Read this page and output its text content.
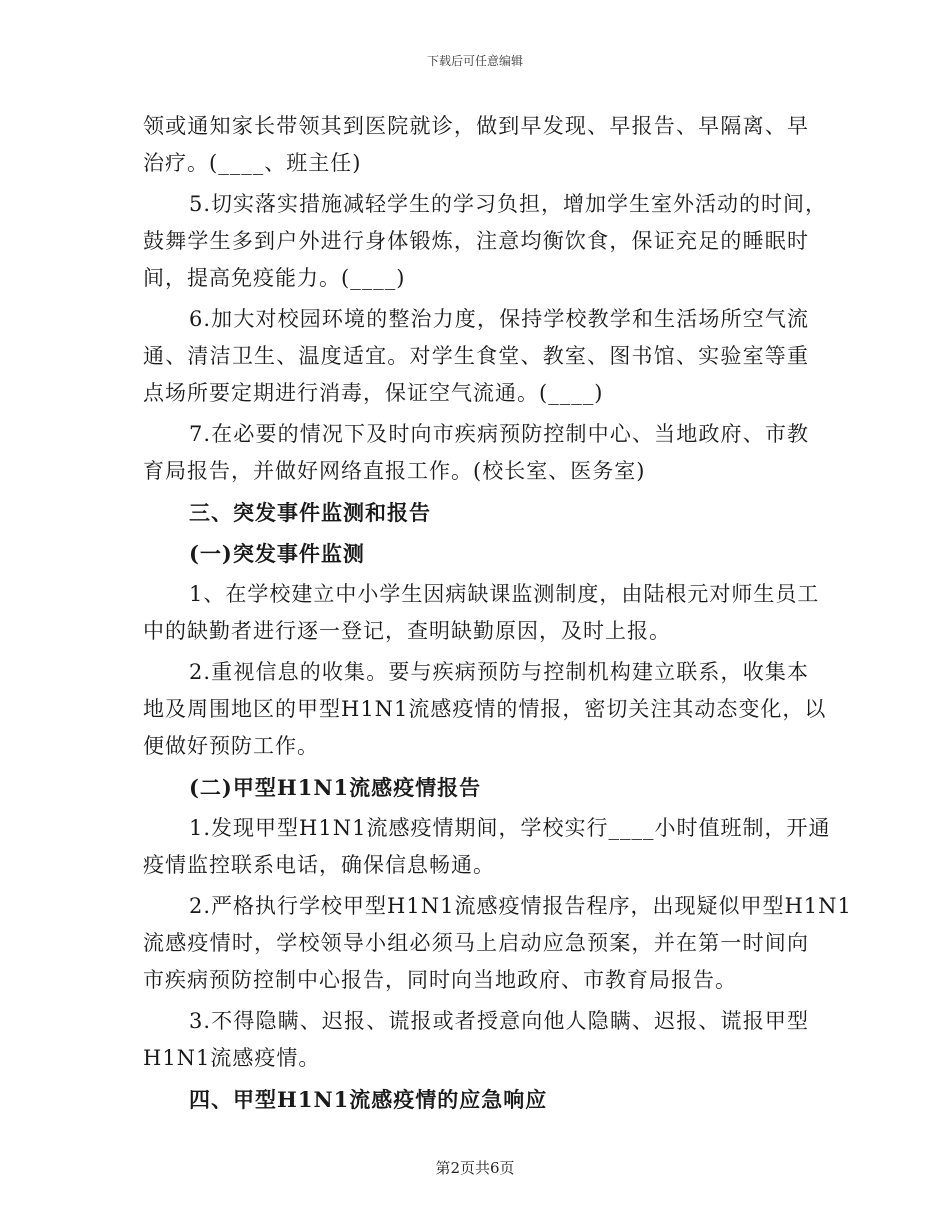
下载后可任意编辑
领或通知家长带领其到医院就诊，做到早发现、早报告、早隔离、早
治疗。(____、班主任)
5.切实落实措施减轻学生的学习负担，增加学生室外活动的时间，
鼓舞学生多到户外进行身体锻炼，注意均衡饮食，保证充足的睡眠时
间，提高免疫能力。(____)
6.加大对校园环境的整治力度，保持学校教学和生活场所空气流
通、清洁卫生、温度适宜。对学生食堂、教室、图书馆、实验室等重
点场所要定期进行消毒，保证空气流通。(____)
7.在必要的情况下及时向市疾病预防控制中心、当地政府、市教
育局报告，并做好网络直报工作。(校长室、医务室)
三、突发事件监测和报告
(一)突发事件监测
1、在学校建立中小学生因病缺课监测制度，由陆根元对师生员工
中的缺勤者进行逐一登记，查明缺勤原因，及时上报。
2.重视信息的收集。要与疾病预防与控制机构建立联系，收集本
地及周围地区的甲型H1N1流感疫情的情报，密切关注其动态变化，以
便做好预防工作。
(二)甲型H1N1流感疫情报告
1.发现甲型H1N1流感疫情期间，学校实行____小时值班制，开通
疫情监控联系电话，确保信息畅通。
2.严格执行学校甲型H1N1流感疫情报告程序，出现疑似甲型H1N1
流感疫情时，学校领导小组必须马上启动应急预案，并在第一时间向
市疾病预防控制中心报告，同时向当地政府、市教育局报告。
3.不得隐瞒、迟报、谎报或者授意向他人隐瞒、迟报、谎报甲型
H1N1流感疫情。
四、甲型H1N1流感疫情的应急响应
第2页共6页
